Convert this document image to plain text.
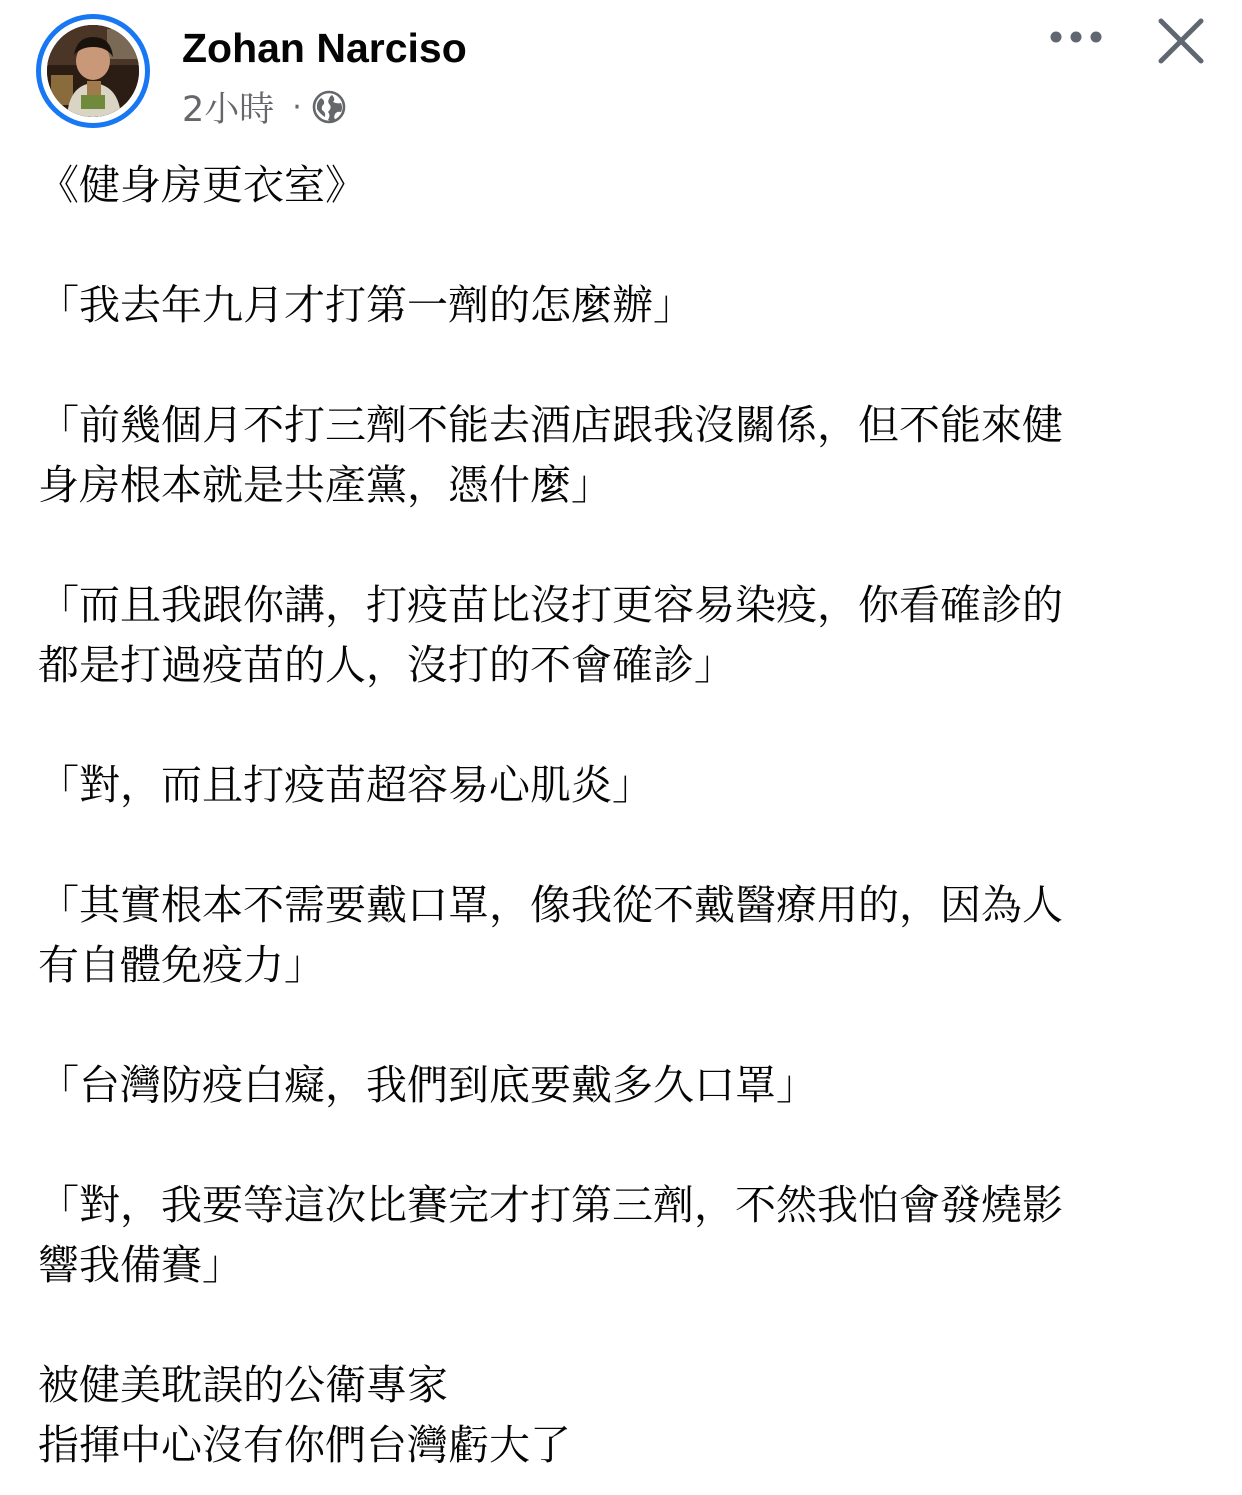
Zohan Narciso
2小時 ·

《健身房更衣室》

「我去年九月才打第一劑的怎麼辦」

「前幾個月不打三劑不能去酒店跟我沒關係，但不能來健

身房根本就是共產黨，憑什麼」

「而且我跟你講，打疫苗比沒打更容易染疫，你看確診的

都是打過疫苗的人，沒打的不會確診」

「對，而且打疫苗超容易心肌炎」

「其實根本不需要戴口罩，像我從不戴醫療用的，因為人

有自體免疫力」

「台灣防疫白癡，我們到底要戴多久口罩」

「對，我要等這次比賽完才打第三劑，不然我怕會發燒影

響我備賽」

被健美耽誤的公衛專家

指揮中心沒有你們台灣虧大了
